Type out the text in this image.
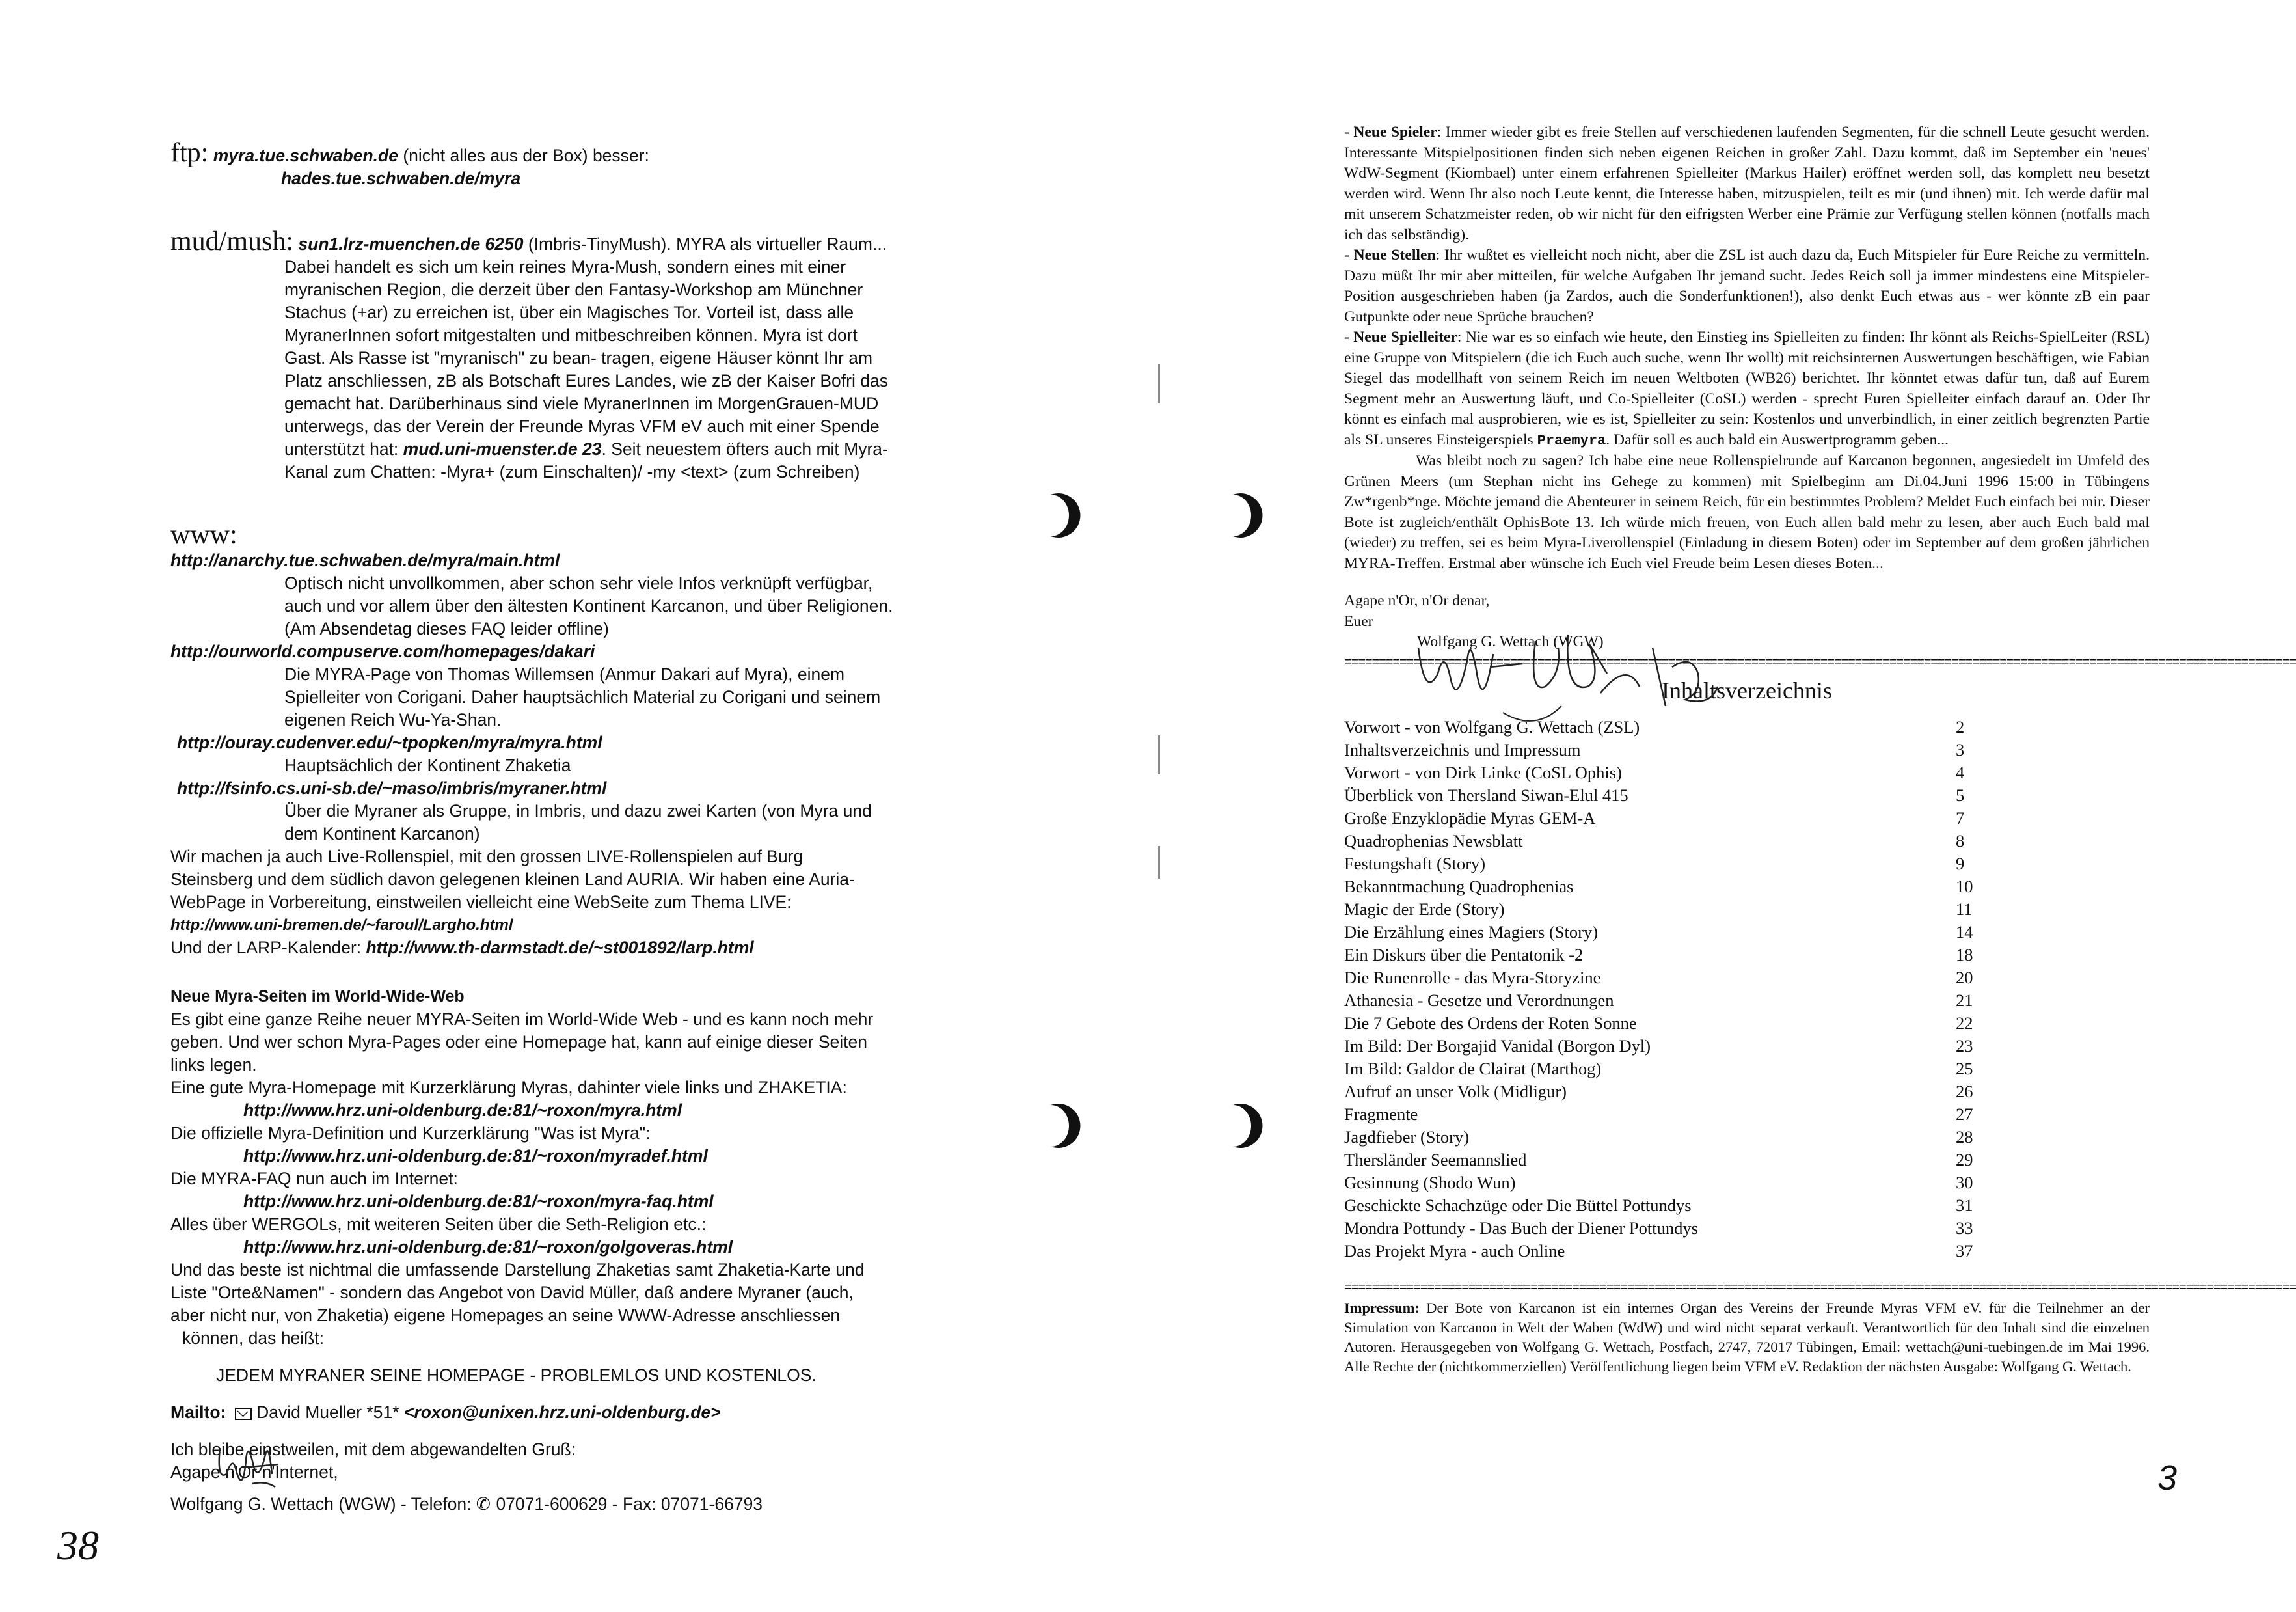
ftp: myra.tue.schwaben.de (nicht alles aus der Box) besser:

hades.tue.schwaben.de/myra

mud/mush: sun1.lrz-muenchen.de 6250 (Imbris-TinyMush). MYRA als virtueller Raum...

Dabei handelt es sich um kein reines Myra-Mush, sondern eines mit einer

myranischen Region, die derzeit über den Fantasy-Workshop am Münchner

Stachus (+ar) zu erreichen ist, über ein Magisches Tor. Vorteil ist, dass alle

MyranerInnen sofort mitgestalten und mitbeschreiben können. Myra ist dort

Gast. Als Rasse ist "myranisch" zu bean- tragen, eigene Häuser könnt Ihr am

Platz anschliessen, zB als Botschaft Eures Landes, wie zB der Kaiser Bofri das

gemacht hat. Darüberhinaus sind viele MyranerInnen im MorgenGrauen-MUD

unterwegs, das der Verein der Freunde Myras VFM eV auch mit einer Spende

unterstützt hat: mud.uni-muenster.de 23. Seit neuestem öfters auch mit Myra-

Kanal zum Chatten: -Myra+ (zum Einschalten)/ -my <text> (zum Schreiben)

www:

http://anarchy.tue.schwaben.de/myra/main.html

Optisch nicht unvollkommen, aber schon sehr viele Infos verknüpft verfügbar,

auch und vor allem über den ältesten Kontinent Karcanon, und über Religionen.

(Am Absendetag dieses FAQ leider offline)

http://ourworld.compuserve.com/homepages/dakari

Die MYRA-Page von Thomas Willemsen (Anmur Dakari auf Myra), einem

Spielleiter von Corigani. Daher hauptsächlich Material zu Corigani und seinem

eigenen Reich Wu-Ya-Shan.

http://ouray.cudenver.edu/~tpopken/myra/myra.html

Hauptsächlich der Kontinent Zhaketia

http://fsinfo.cs.uni-sb.de/~maso/imbris/myraner.html

Über die Myraner als Gruppe, in Imbris, und dazu zwei Karten (von Myra und

dem Kontinent Karcanon)

Wir machen ja auch Live-Rollenspiel, mit den grossen LIVE-Rollenspielen auf Burg

Steinsberg und dem südlich davon gelegenen kleinen Land AURIA. Wir haben eine Auria-

WebPage in Vorbereitung, einstweilen vielleicht eine WebSeite zum Thema LIVE:

http://www.uni-bremen.de/~faroul/Largho.html

Und der LARP-Kalender: http://www.th-darmstadt.de/~st001892/larp.html

Neue Myra-Seiten im World-Wide-Web

Es gibt eine ganze Reihe neuer MYRA-Seiten im World-Wide Web - und es kann noch mehr

geben. Und wer schon Myra-Pages oder eine Homepage hat, kann auf einige dieser Seiten

links legen.

Eine gute Myra-Homepage mit Kurzerklärung Myras, dahinter viele links und ZHAKETIA:

http://www.hrz.uni-oldenburg.de:81/~roxon/myra.html

Die offizielle Myra-Definition und Kurzerklärung "Was ist Myra":

http://www.hrz.uni-oldenburg.de:81/~roxon/myradef.html

Die MYRA-FAQ nun auch im Internet:

http://www.hrz.uni-oldenburg.de:81/~roxon/myra-faq.html

Alles über WERGOLs, mit weiteren Seiten über die Seth-Religion etc.:

http://www.hrz.uni-oldenburg.de:81/~roxon/golgoveras.html

Und das beste ist nichtmal die umfassende Darstellung Zhaketias samt Zhaketia-Karte und

Liste "Orte&Namen" - sondern das Angebot von David Müller, daß andere Myraner (auch,

aber nicht nur, von Zhaketia) eigene Homepages an seine WWW-Adresse anschliessen

können, das heißt:

JEDEM MYRANER SEINE HOMEPAGE - PROBLEMLOS UND KOSTENLOS.

Mailto:
David Mueller *51* <roxon@unixen.hrz.uni-oldenburg.de>

Ich bleibe einstweilen, mit dem abgewandelten Gruß:

Agape n'Or n'Internet,

Wolfgang G. Wettach (WGW) - Telefon: ✆ 07071-600629 - Fax: 07071-66793

38

- Neue Spieler: Immer wieder gibt es freie Stellen auf verschiedenen laufenden Segmenten, für die schnell Leute gesucht werden. Interessante Mitspielpositionen finden sich neben eigenen Reichen in großer Zahl. Dazu kommt, daß im September ein 'neues' WdW-Segment (Kiombael) unter einem erfahrenen Spielleiter (Markus Hailer) eröffnet werden soll, das komplett neu besetzt werden wird. Wenn Ihr also noch Leute kennt, die Interesse haben, mitzuspielen, teilt es mir (und ihnen) mit. Ich werde dafür mal mit unserem Schatzmeister reden, ob wir nicht für den eifrigsten Werber eine Prämie zur Verfügung stellen können (notfalls mach ich das selbständig).

- Neue Stellen: Ihr wußtet es vielleicht noch nicht, aber die ZSL ist auch dazu da, Euch Mitspieler für Eure Reiche zu vermitteln. Dazu müßt Ihr mir aber mitteilen, für welche Aufgaben Ihr jemand sucht. Jedes Reich soll ja immer mindestens eine Mitspieler-Position ausgeschrieben haben (ja Zardos, auch die Sonderfunktionen!), also denkt Euch etwas aus - wer könnte zB ein paar Gutpunkte oder neue Sprüche brauchen?

- Neue Spielleiter: Nie war es so einfach wie heute, den Einstieg ins Spielleiten zu finden: Ihr könnt als Reichs-SpielLeiter (RSL) eine Gruppe von Mitspielern (die ich Euch auch suche, wenn Ihr wollt) mit reichsinternen Auswertungen beschäftigen, wie Fabian Siegel das modellhaft von seinem Reich im neuen Weltboten (WB26) berichtet. Ihr könntet etwas dafür tun, daß auf Eurem Segment mehr an Auswertung läuft, und Co-Spielleiter (CoSL) werden - sprecht Euren Spielleiter einfach darauf an. Oder Ihr könnt es einfach mal ausprobieren, wie es ist, Spielleiter zu sein: Kostenlos und unverbindlich, in einer zeitlich begrenzten Partie als SL unseres Einsteigerspiels Praemyra. Dafür soll es auch bald ein Auswertprogramm geben...

Was bleibt noch zu sagen? Ich habe eine neue Rollenspielrunde auf Karcanon begonnen, angesiedelt im Umfeld des Grünen Meers (um Stephan nicht ins Gehege zu kommen) mit Spielbeginn am Di.04.Juni 1996 15:00 in Tübingens Zw*rgenb*nge. Möchte jemand die Abenteurer in seinem Reich, für ein bestimmtes Problem? Meldet Euch einfach bei mir. Dieser Bote ist zugleich/enthält OphisBote 13. Ich würde mich freuen, von Euch allen bald mehr zu lesen, aber auch Euch bald mal (wieder) zu treffen, sei es beim Myra-Liverollenspiel (Einladung in diesem Boten) oder im September auf dem großen jährlichen MYRA-Treffen. Erstmal aber wünsche ich Euch viel Freude beim Lesen dieses Boten...

Agape n'Or, n'Or denar,

Euer

Wolfgang G. Wettach (WGW)

==========================================================================================================================================
Inhaltsverzeichnis
Vorwort - von Wolfgang G. Wettach (ZSL)	2
Inhaltsverzeichnis und Impressum	3
Vorwort - von Dirk Linke (CoSL Ophis)	4
Überblick von Thersland Siwan-Elul 415	5
Große Enzyklopädie Myras GEM-A	7
Quadrophenias Newsblatt	8
Festungshaft (Story)	9
Bekanntmachung Quadrophenias	10
Magic der Erde (Story)	11
Die Erzählung eines Magiers (Story)	14
Ein Diskurs über die Pentatonik -2	18
Die Runenrolle - das Myra-Storyzine	20
Athanesia - Gesetze und Verordnungen	21
Die 7 Gebote des Ordens der Roten Sonne	22
Im Bild: Der Borgajid Vanidal (Borgon Dyl)	23
Im Bild: Galdor de Clairat (Marthog)	25
Aufruf an unser Volk (Midligur)	26
Fragmente	27
Jagdfieber (Story)	28
Thersländer Seemannslied	29
Gesinnung (Shodo Wun)	30
Geschickte Schachzüge oder Die Büttel Pottundys	31
Mondra Pottundy - Das Buch der Diener Pottundys	33
Das Projekt Myra - auch Online	37
==========================================================================================================================================

Impressum: Der Bote von Karcanon ist ein internes Organ des Vereins der Freunde Myras VFM eV. für die Teilnehmer an der Simulation von Karcanon in Welt der Waben (WdW) und wird nicht separat verkauft. Verantwortlich für den Inhalt sind die einzelnen Autoren. Herausgegeben von Wolfgang G. Wettach, Postfach, 2747, 72017 Tübingen, Email: wettach@uni-tuebingen.de im Mai 1996. Alle Rechte der (nichtkommerziellen) Veröffentlichung liegen beim VFM eV. Redaktion der nächsten Ausgabe: Wolfgang G. Wettach.

3
